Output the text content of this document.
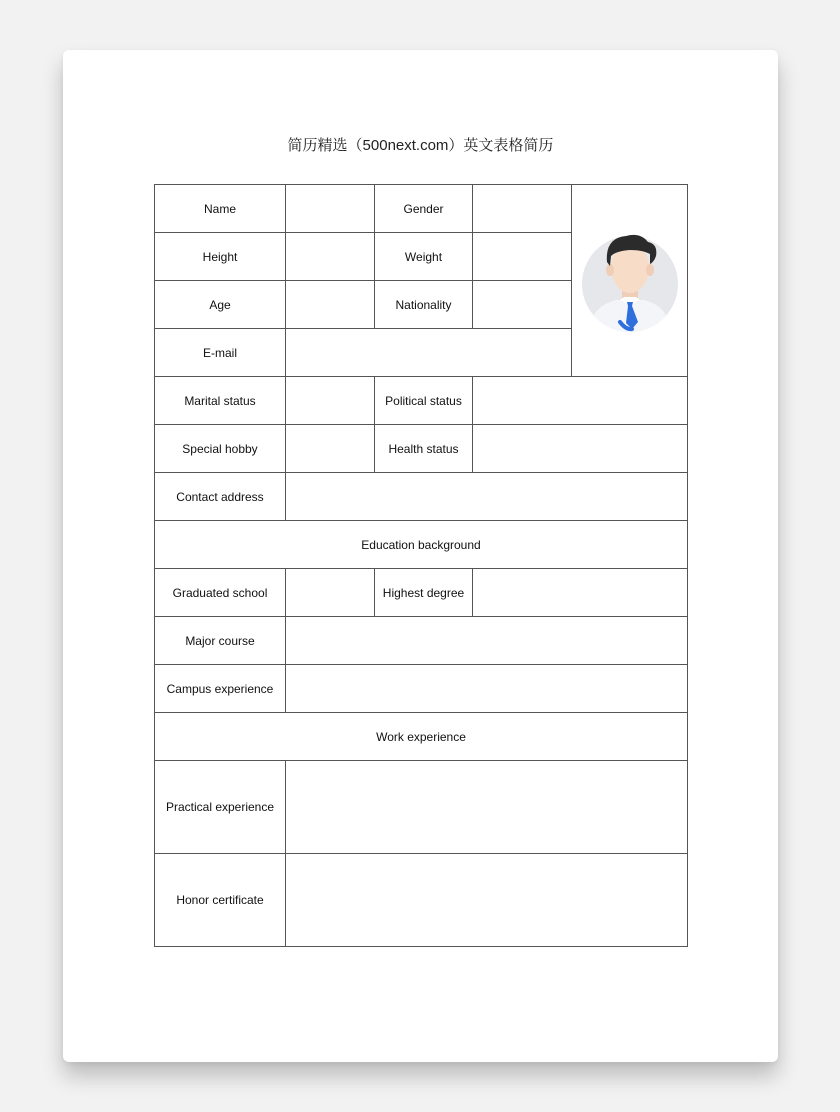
简历精选（500next.com）英文表格简历
Name		Gender		

Height		Weight		
Age		Nationality		
E-mail				
Marital status		Political status		
Special hobby		Health status		
Contact address				
Education background				
Graduated school		Highest degree		
Major course				
Campus experience				
Work experience				
Practical experience				
Honor certificate				
